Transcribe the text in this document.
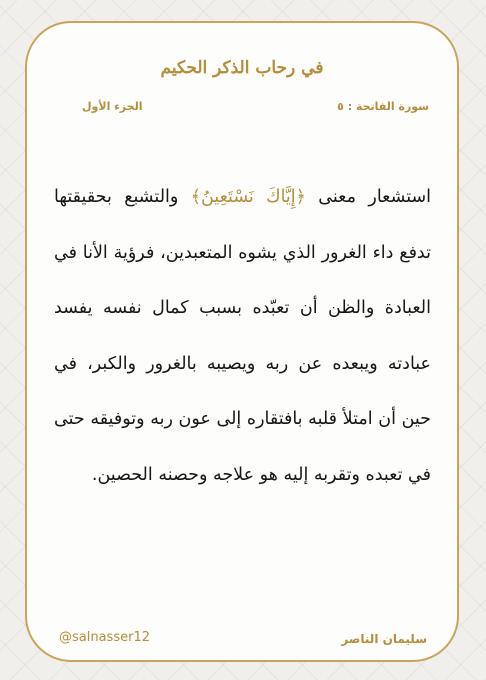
في رحاب الذكر الحكيم
سورة الفاتحة : ٥
الجزء الأول
استشعار معنى ﴿إِيَّاكَ نَسْتَعِينُ﴾ والتشبع بحقيقتها تدفع داء الغرور الذي يشوه المتعبدين، فرؤية الأنا في العبادة والظن أن تعبّده بسبب كمال نفسه يفسد عبادته ويبعده عن ربه ويصيبه بالغرور والكبر، في حين أن امتلأ قلبه بافتقاره إلى عون ربه وتوفيقه حتى في تعبده وتقربه إليه هو علاجه وحصنه الحصين.
سليمان الناصر
@salnasser12
